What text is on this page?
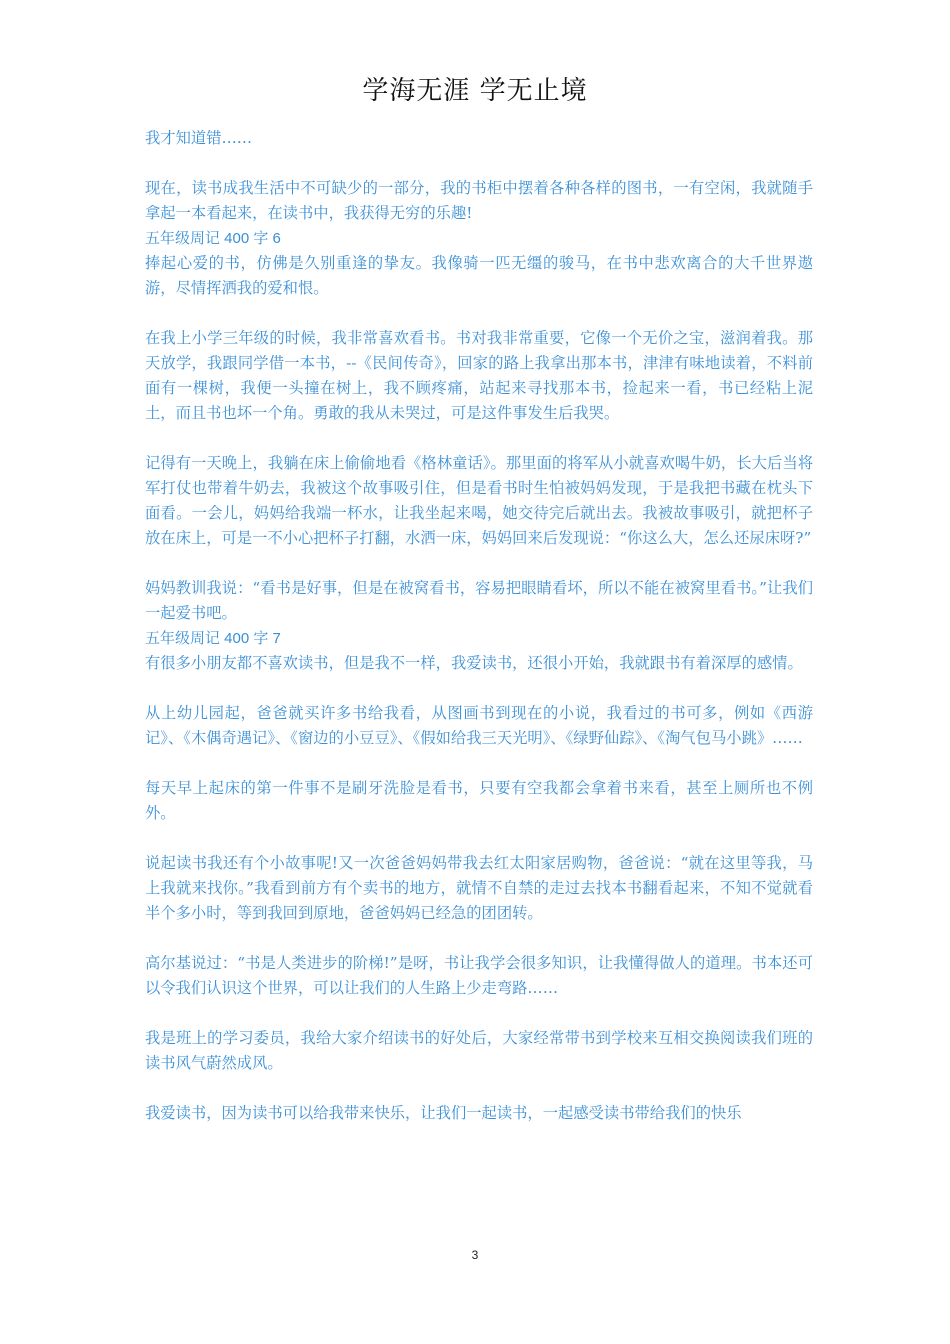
学海无涯 学无止境

我才知道错……

现在，读书成我生活中不可缺少的一部分，我的书柜中摆着各种各样的图书，一有空闲，我就随手拿起一本看起来，在读书中，我获得无穷的乐趣!

五年级周记 400 字 6

捧起心爱的书，仿佛是久别重逢的挚友。我像骑一匹无缰的骏马，在书中悲欢离合的大千世界遨游，尽情挥洒我的爱和恨。

在我上小学三年级的时候，我非常喜欢看书。书对我非常重要，它像一个无价之宝，滋润着我。那天放学，我跟同学借一本书，--《民间传奇》，回家的路上我拿出那本书，津津有味地读着，不料前面有一棵树，我便一头撞在树上，我不顾疼痛，站起来寻找那本书，捡起来一看，书已经粘上泥土，而且书也坏一个角。勇敢的我从未哭过，可是这件事发生后我哭。

记得有一天晚上，我躺在床上偷偷地看《格林童话》。那里面的将军从小就喜欢喝牛奶，长大后当将军打仗也带着牛奶去，我被这个故事吸引住，但是看书时生怕被妈妈发现，于是我把书藏在枕头下面看。一会儿，妈妈给我端一杯水，让我坐起来喝，她交待完后就出去。我被故事吸引，就把杯子放在床上，可是一不小心把杯子打翻，水洒一床，妈妈回来后发现说：“你这么大，怎么还尿床呀?”

妈妈教训我说：“看书是好事，但是在被窝看书，容易把眼睛看坏，所以不能在被窝里看书。”让我们一起爱书吧。

五年级周记 400 字 7

有很多小朋友都不喜欢读书，但是我不一样，我爱读书，还很小开始，我就跟书有着深厚的感情。

从上幼儿园起，爸爸就买许多书给我看，从图画书到现在的小说，我看过的书可多，例如《西游记》、《木偶奇遇记》、《窗边的小豆豆》、《假如给我三天光明》、《绿野仙踪》、《淘气包马小跳》……

每天早上起床的第一件事不是刷牙洗脸是看书，只要有空我都会拿着书来看，甚至上厕所也不例外。

说起读书我还有个小故事呢!又一次爸爸妈妈带我去红太阳家居购物，爸爸说：“就在这里等我，马上我就来找你。”我看到前方有个卖书的地方，就情不自禁的走过去找本书翻看起来，不知不觉就看半个多小时，等到我回到原地，爸爸妈妈已经急的团团转。

高尔基说过：“书是人类进步的阶梯!”是呀，书让我学会很多知识，让我懂得做人的道理。书本还可以令我们认识这个世界，可以让我们的人生路上少走弯路……

我是班上的学习委员，我给大家介绍读书的好处后，大家经常带书到学校来互相交换阅读我们班的读书风气蔚然成风。

我爱读书，因为读书可以给我带来快乐，让我们一起读书，一起感受读书带给我们的快乐

3
